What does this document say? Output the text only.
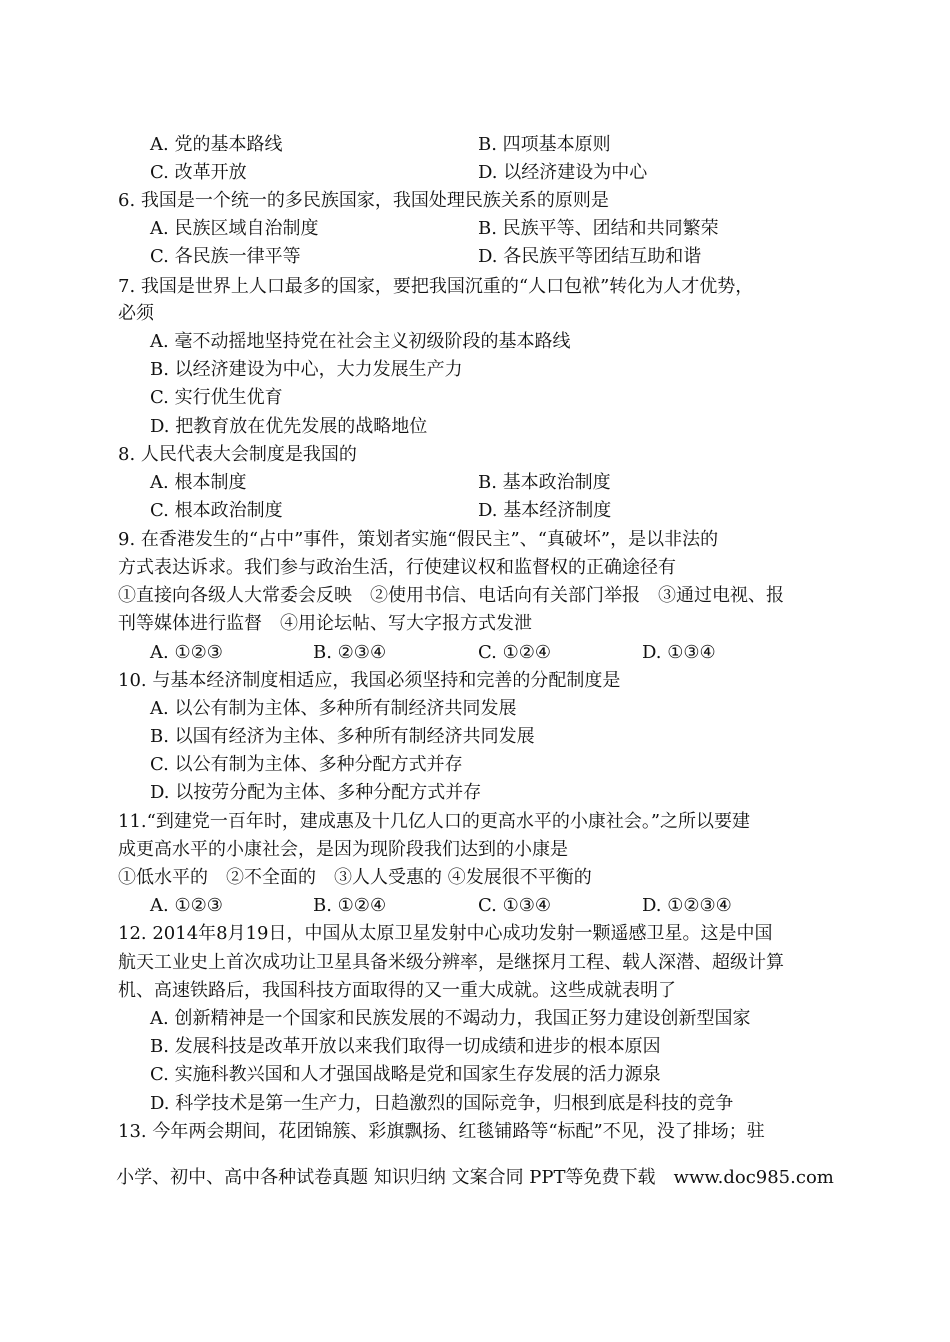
A. 党的基本路线	B. 四项基本原则
C. 改革开放	D. 以经济建设为中心
6. 我国是一个统一的多民族国家，我国处理民族关系的原则是
A. 民族区域自治制度	B. 民族平等、团结和共同繁荣
C. 各民族一律平等	D. 各民族平等团结互助和谐
7. 我国是世界上人口最多的国家，要把我国沉重的“人口包袱”转化为人才优势，
必须
A. 毫不动摇地坚持党在社会主义初级阶段的基本路线
B. 以经济建设为中心，大力发展生产力
C. 实行优生优育
D. 把教育放在优先发展的战略地位
8. 人民代表大会制度是我国的
A. 根本制度	B. 基本政治制度
C. 根本政治制度	D. 基本经济制度
9. 在香港发生的“占中”事件，策划者实施“假民主”、“真破坏”，是以非法的
方式表达诉求。我们参与政治生活，行使建议权和监督权的正确途径有
①直接向各级人大常委会反映　②使用书信、电话向有关部门举报　③通过电视、报
刊等媒体进行监督　④用论坛帖、写大字报方式发泄
A. ①②③	B. ②③④	C. ①②④	D. ①③④
10. 与基本经济制度相适应，我国必须坚持和完善的分配制度是
A. 以公有制为主体、多种所有制经济共同发展
B. 以国有经济为主体、多种所有制经济共同发展
C. 以公有制为主体、多种分配方式并存
D. 以按劳分配为主体、多种分配方式并存
11.“到建党一百年时，建成惠及十几亿人口的更高水平的小康社会。”之所以要建
成更高水平的小康社会，是因为现阶段我们达到的小康是
①低水平的　②不全面的　③人人受惠的 ④发展很不平衡的
A. ①②③	B. ①②④	C. ①③④	D. ①②③④
12. 2014年8月19日，中国从太原卫星发射中心成功发射一颗遥感卫星。这是中国
航天工业史上首次成功让卫星具备米级分辨率，是继探月工程、载人深潜、超级计算
机、高速铁路后，我国科技方面取得的又一重大成就。这些成就表明了
A. 创新精神是一个国家和民族发展的不竭动力，我国正努力建设创新型国家
B. 发展科技是改革开放以来我们取得一切成绩和进步的根本原因
C. 实施科教兴国和人才强国战略是党和国家生存发展的活力源泉
D. 科学技术是第一生产力，日趋激烈的国际竞争，归根到底是科技的竞争
13. 今年两会期间，花团锦簇、彩旗飘扬、红毯铺路等“标配”不见，没了排场；驻
小学、初中、高中各种试卷真题 知识归纳 文案合同 PPT等免费下载　www.doc985.com
